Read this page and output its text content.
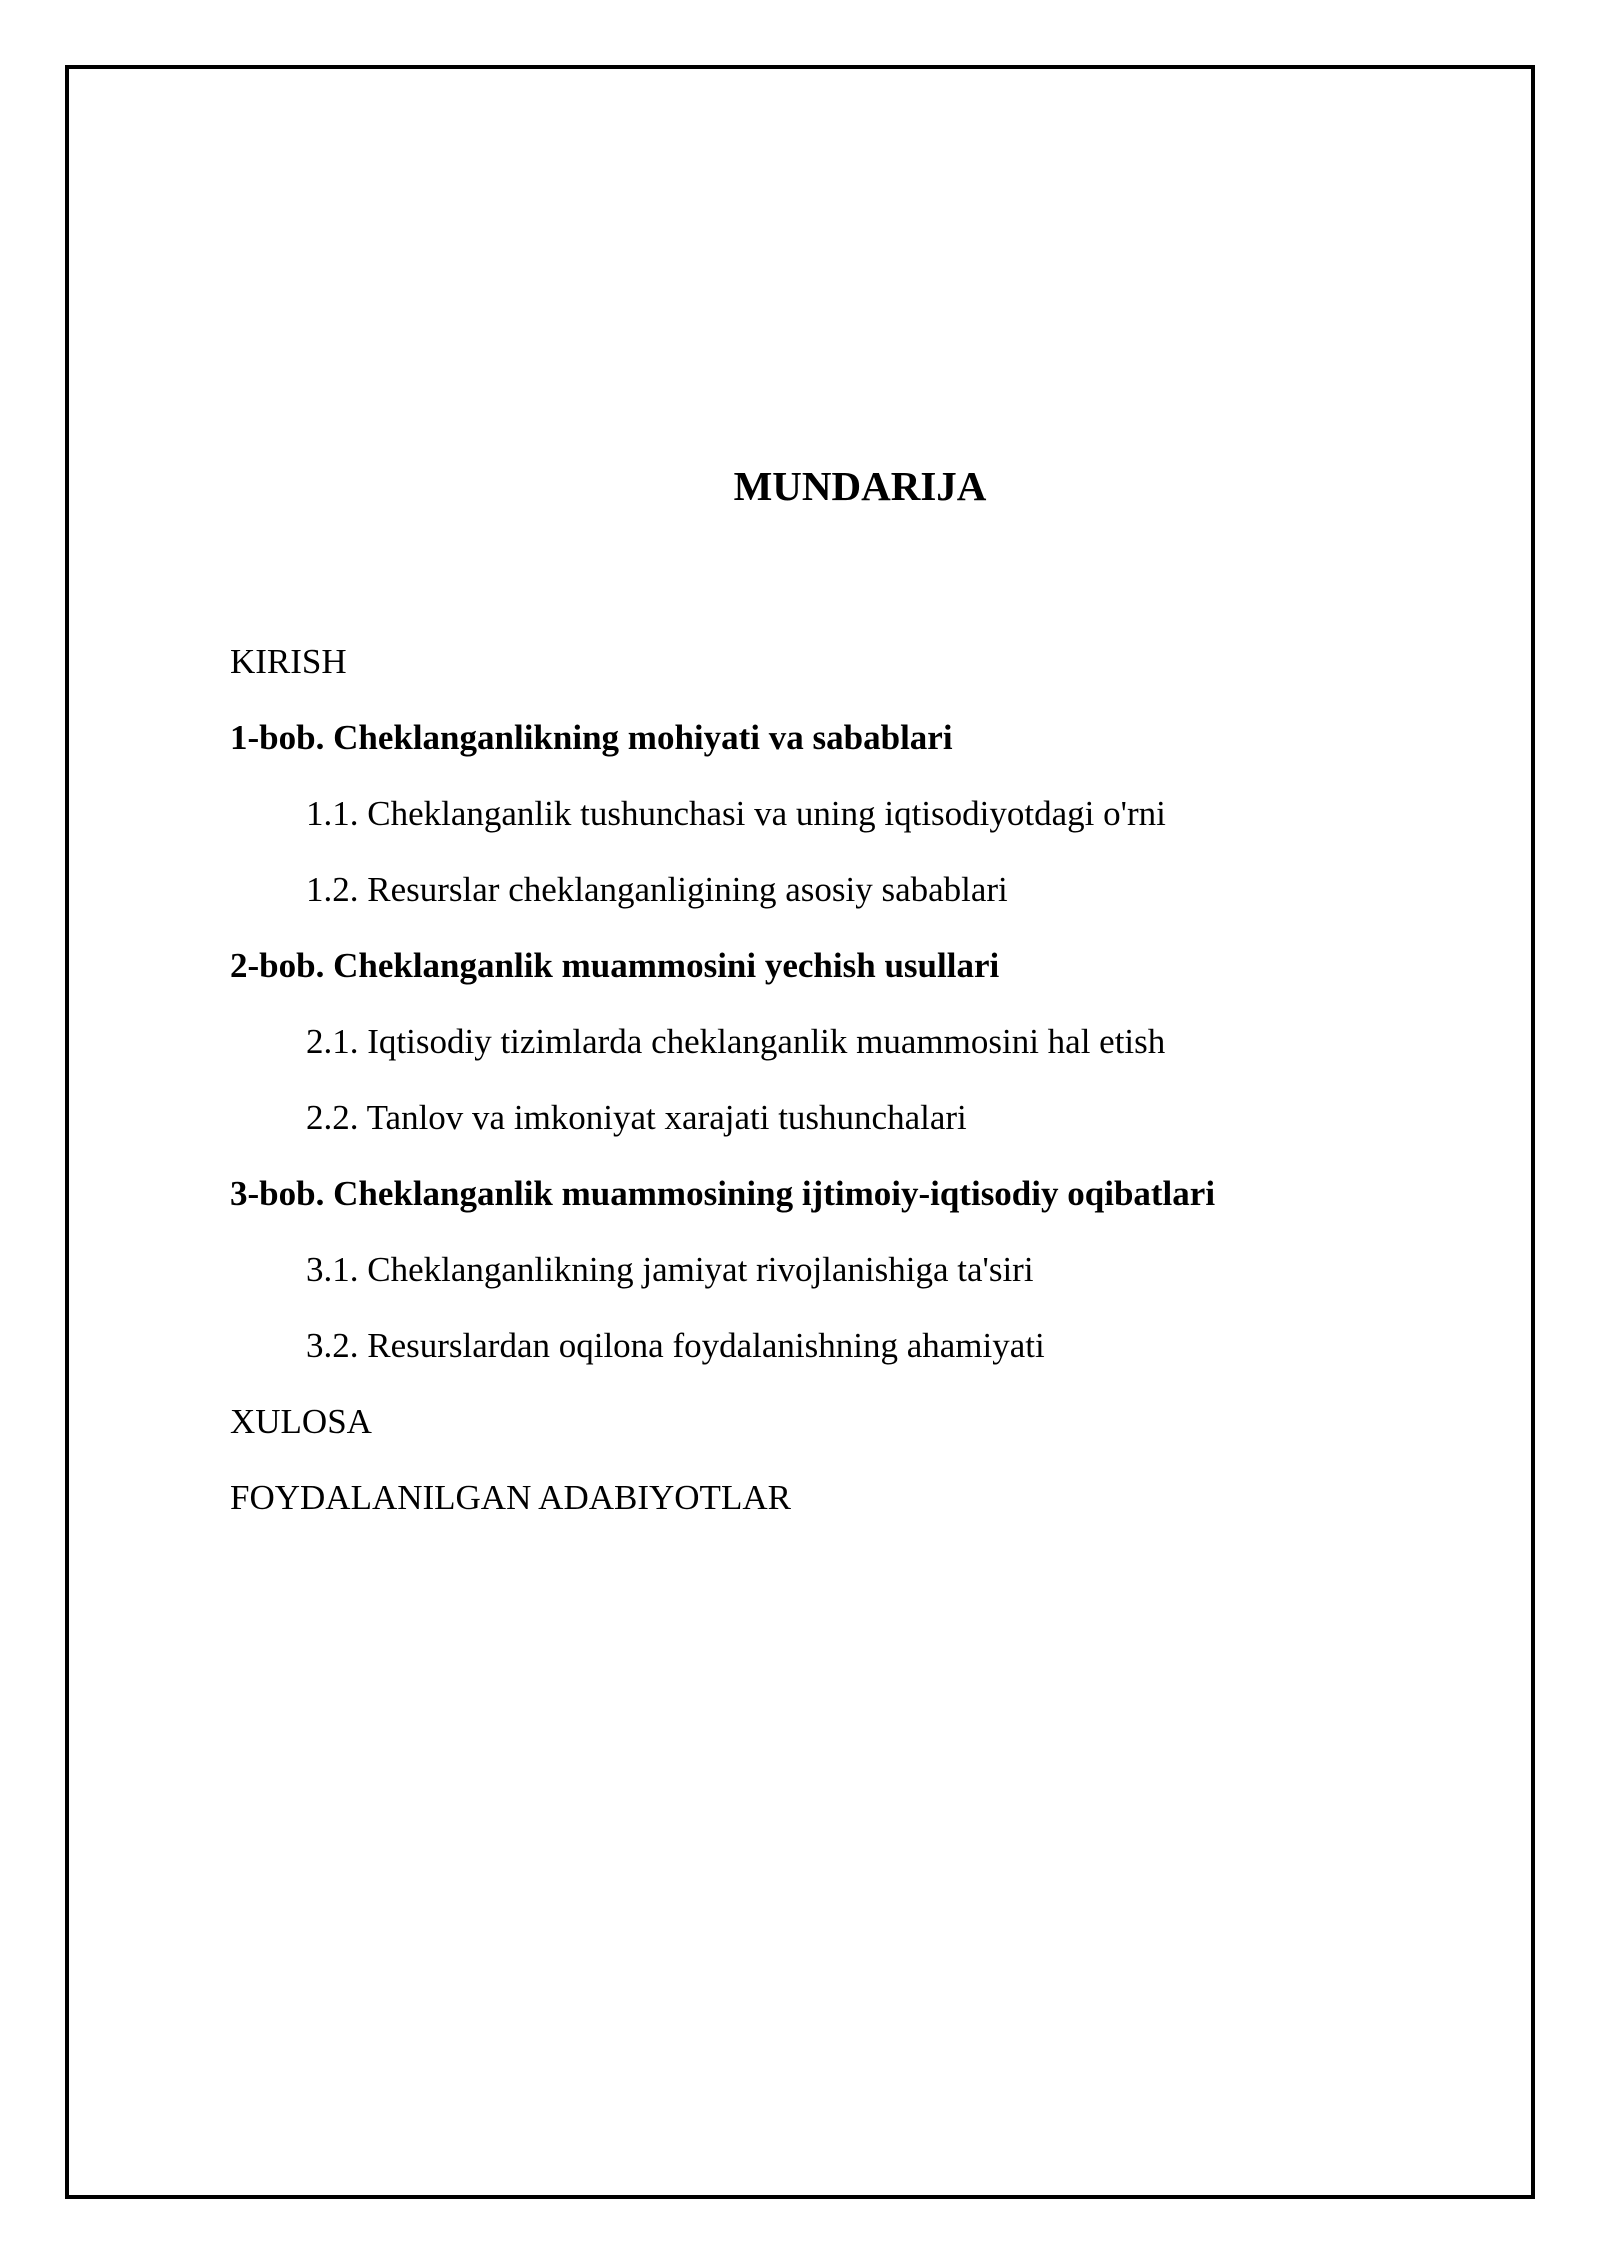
MUNDARIJA
KIRISH
1-bob. Cheklanganlikning mohiyati va sabablari
1.1. Cheklanganlik tushunchasi va uning iqtisodiyotdagi o'rni
1.2. Resurslar cheklanganligining asosiy sabablari
2-bob. Cheklanganlik muammosini yechish usullari
2.1. Iqtisodiy tizimlarda cheklanganlik muammosini hal etish
2.2. Tanlov va imkoniyat xarajati tushunchalari
3-bob. Cheklanganlik muammosining ijtimoiy-iqtisodiy oqibatlari
3.1. Cheklanganlikning jamiyat rivojlanishiga ta'siri
3.2. Resurslardan oqilona foydalanishning ahamiyati
XULOSA
FOYDALANILGAN ADABIYOTLAR
